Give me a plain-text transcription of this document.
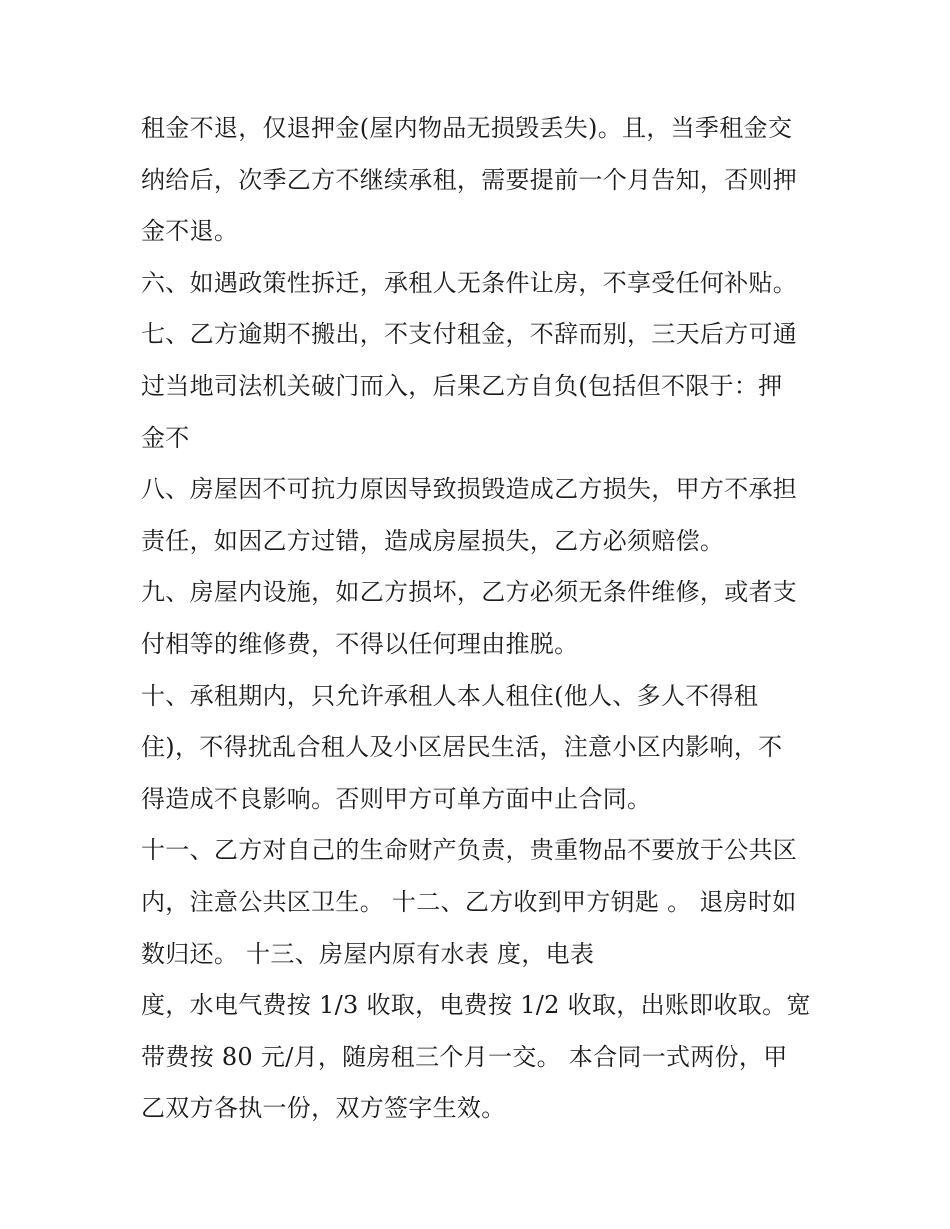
租金不退，仅退押金(屋内物品无损毁丢失)。且，当季租金交
纳给后，次季乙方不继续承租，需要提前一个月告知，否则押
金不退。
六、如遇政策性拆迁，承租人无条件让房，不享受任何补贴。
七、乙方逾期不搬出，不支付租金，不辞而别，三天后方可通
过当地司法机关破门而入，后果乙方自负(包括但不限于：押
金不
八、房屋因不可抗力原因导致损毁造成乙方损失，甲方不承担
责任，如因乙方过错，造成房屋损失，乙方必须赔偿。
九、房屋内设施，如乙方损坏，乙方必须无条件维修，或者支
付相等的维修费，不得以任何理由推脱。
十、承租期内，只允许承租人本人租住(他人、多人不得租
住)，不得扰乱合租人及小区居民生活，注意小区内影响，不
得造成不良影响。否则甲方可单方面中止合同。
十一、乙方对自己的生命财产负责，贵重物品不要放于公共区
内，注意公共区卫生。 十二、乙方收到甲方钥匙 。 退房时如
数归还。 十三、房屋内原有水表 度，电表
度，水电气费按 1/3 收取，电费按 1/2 收取，出账即收取。宽
带费按 80 元/月，随房租三个月一交。 本合同一式两份，甲
乙双方各执一份，双方签字生效。
